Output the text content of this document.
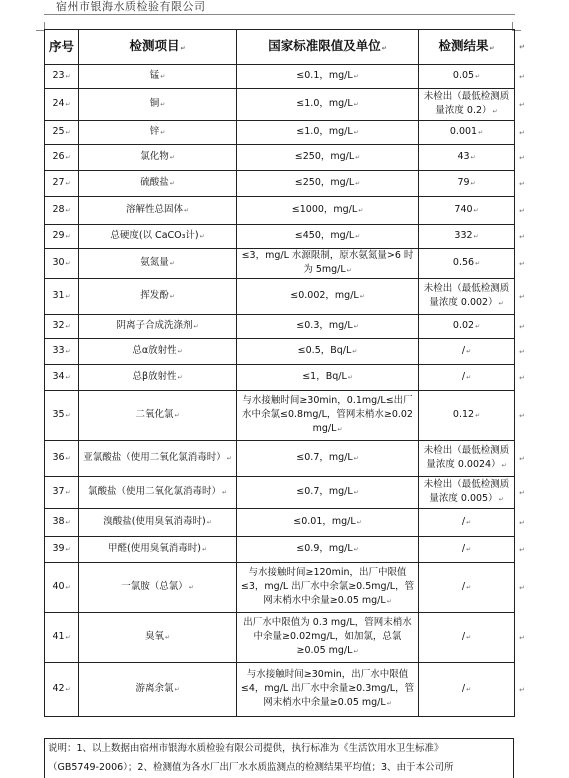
宿州市银海水质检验有限公司
序号	检测项目↵	国家标准限值及单位↵	检测结果↵ ↵

23↵	锰↵	≤0.1，mg/L↵	0.05↵ ↵

24↵	铜↵	≤1.0，mg/L↵	未检出（最低检测质量浓度 0.2）↵
↵

25↵	锌↵	≤1.0，mg/L↵	0.001↵ ↵

26↵	氯化物↵	≤250，mg/L↵	43↵ ↵

27↵	硫酸盐↵	≤250，mg/L↵	79↵ ↵

28↵	溶解性总固体↵	≤1000，mg/L↵	740↵ ↵

29↵	总硬度(以 CaCO₃计)↵	≤450，mg/L↵	332↵ ↵

30↵	氨氮量↵	≤3，mg/L 水源限制，原水氨氮量>6 时为 5mg/L↵	0.56↵ ↵

31↵	挥发酚↵	≤0.002，mg/L↵	未检出（最低检测质量浓度 0.002）↵
↵

32↵	阴离子合成洗涤剂↵	≤0.3，mg/L↵	0.02↵ ↵

33↵	总α放射性↵	≤0.5，Bq/L↵	/↵ ↵

34↵	总β放射性↵	≤1，Bq/L↵	/↵ ↵

35↵	二氧化氯↵	与水接触时间≥30min，0.1mg/L≤出厂水中余氯≤0.8mg/L，管网末梢水≥0.02 mg/L↵	0.12↵ ↵

36↵	亚氯酸盐（使用二氧化氯消毒时）↵	≤0.7，mg/L↵	未检出（最低检测质量浓度 0.0024）↵
↵

37↵	氯酸盐（使用二氧化氯消毒时）↵	≤0.7，mg/L↵	未检出（最低检测质量浓度 0.005）↵
↵

38↵	溴酸盐(使用臭氧消毒时)↵	≤0.01，mg/L↵	/↵ ↵

39↵	甲醛(使用臭氧消毒时)↵	≤0.9，mg/L↵	/↵ ↵

40↵	一氯胺（总氯）↵	与水接触时间≥120min，出厂中限值≤3，mg/L 出厂水中余氯≥0.5mg/L，管网末梢水中余量≥0.05 mg/L↵	/↵ ↵

41↵	臭氧↵	出厂水中限值为 0.3 mg/L，管网末梢水中余量≥0.02mg/L，如加氯，总氯≥0.05 mg/L↵	/↵ ↵

42↵	游离余氯↵	与水接触时间≥30min，出厂水中限值≤4，mg/L 出厂水中余量≥0.3mg/L，管网末梢水中余量≥0.05 mg/L↵	/↵ ↵
说明：1、以上数据由宿州市银海水质检验有限公司提供，执行标准为《生活饮用水卫生标准》
（GB5749-2006）；2、检测值为各水厂出厂水水质监测点的检测结果平均值；3、由于本公司所
